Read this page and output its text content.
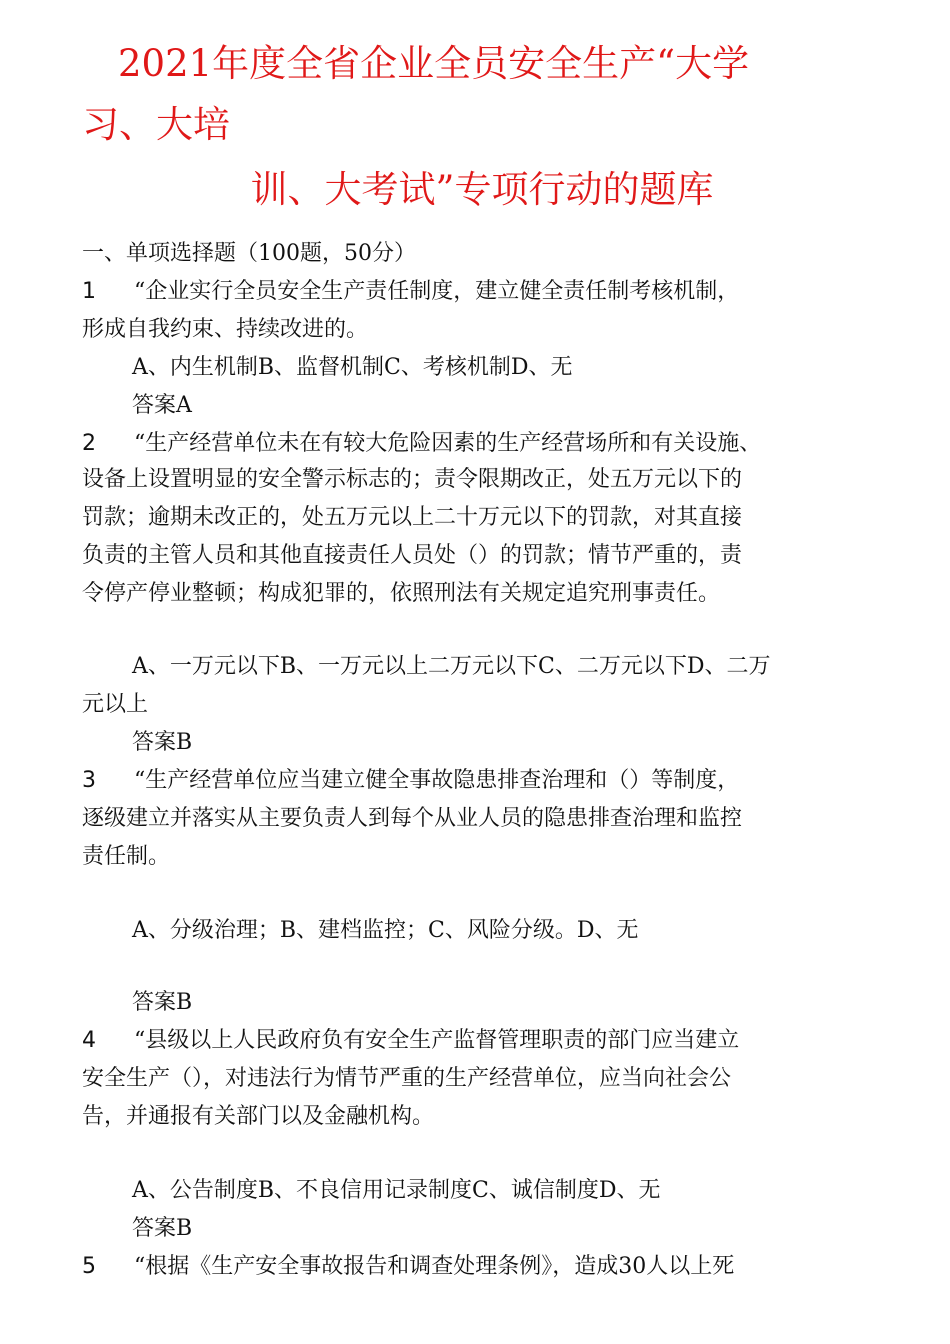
2021年度全省企业全员安全生产“大学

习、大培

训、大考试”专项行动的题库

一、单项选择题（100题，50分）

1 “企业实行全员安全生产责任制度，建立健全责任制考核机制，

形成自我约束、持续改进的。

A、内生机制B、监督机制C、考核机制D、无

答案A

2 “生产经营单位未在有较大危险因素的生产经营场所和有关设施、

设备上设置明显的安全警示标志的；责令限期改正，处五万元以下的

罚款；逾期未改正的，处五万元以上二十万元以下的罚款，对其直接

负责的主管人员和其他直接责任人员处（）的罚款；情节严重的，责

令停产停业整顿；构成犯罪的，依照刑法有关规定追究刑事责任。

A、一万元以下B、一万元以上二万元以下C、二万元以下D、二万

元以上

答案B

3 “生产经营单位应当建立健全事故隐患排查治理和（）等制度，

逐级建立并落实从主要负责人到每个从业人员的隐患排查治理和监控

责任制。

A、分级治理；B、建档监控；C、风险分级。D、无

答案B

4 “县级以上人民政府负有安全生产监督管理职责的部门应当建立

安全生产（），对违法行为情节严重的生产经营单位，应当向社会公

告，并通报有关部门以及金融机构。

A、公告制度B、不良信用记录制度C、诚信制度D、无

答案B

5 “根据《生产安全事故报告和调查处理条例》，造成30人以上死
